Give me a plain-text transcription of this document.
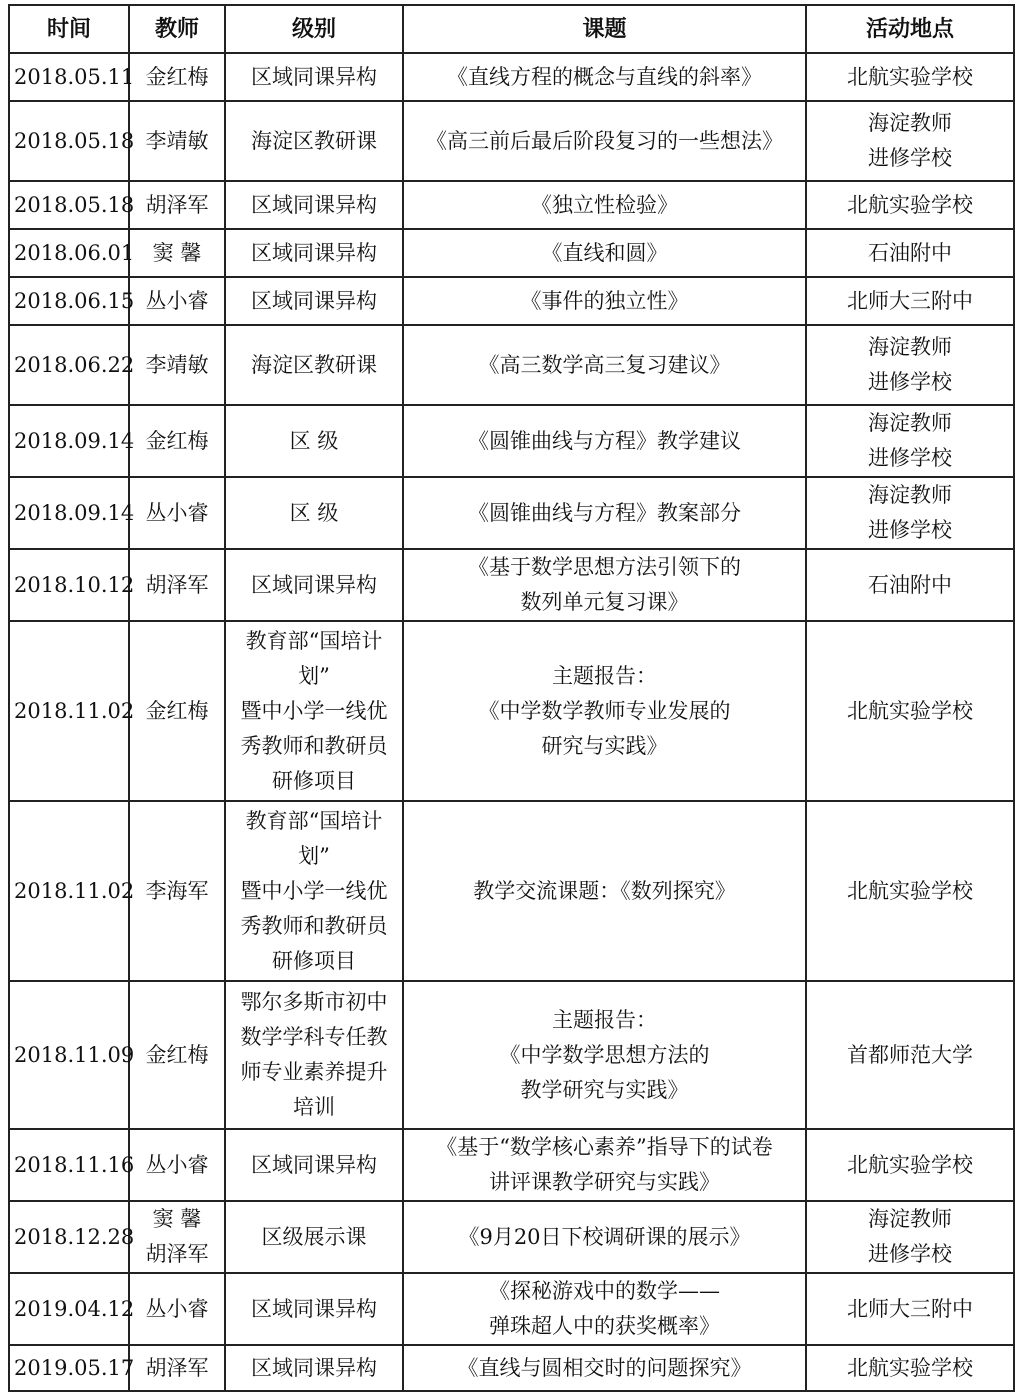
时间	教师	级别	课题	活动地点
2018.05.11	金红梅	区域同课异构	《直线方程的概念与直线的斜率》	北航实验学校
2018.05.18	李靖敏	海淀区教研课	《高三前后最后阶段复习的一些想法》	海淀教师
进修学校
2018.05.18	胡泽军	区域同课异构	《独立性检验》	北航实验学校
2018.06.01	窦 馨	区域同课异构	《直线和圆》	石油附中
2018.06.15	丛小睿	区域同课异构	《事件的独立性》	北师大三附中
2018.06.22	李靖敏	海淀区教研课	《高三数学高三复习建议》	海淀教师
进修学校
2018.09.14	金红梅	区 级	《圆锥曲线与方程》教学建议	海淀教师
进修学校
2018.09.14	丛小睿	区 级	《圆锥曲线与方程》教案部分	海淀教师
进修学校
2018.10.12	胡泽军	区域同课异构	《基于数学思想方法引领下的
数列单元复习课》	石油附中
2018.11.02	金红梅	教育部“国培计
划”
暨中小学一线优
秀教师和教研员
研修项目	主题报告：
《中学数学教师专业发展的
研究与实践》	北航实验学校
2018.11.02	李海军	教育部“国培计
划”
暨中小学一线优
秀教师和教研员
研修项目	教学交流课题：《数列探究》	北航实验学校
2018.11.09	金红梅	鄂尔多斯市初中
数学学科专任教
师专业素养提升
培训	主题报告：
《中学数学思想方法的
教学研究与实践》	首都师范大学
2018.11.16	丛小睿	区域同课异构	《基于“数学核心素养”指导下的试卷
讲评课教学研究与实践》	北航实验学校
2018.12.28	窦 馨
胡泽军	区级展示课	《9月20日下校调研课的展示》	海淀教师
进修学校
2019.04.12	丛小睿	区域同课异构	《探秘游戏中的数学——
弹珠超人中的获奖概率》	北师大三附中
2019.05.17	胡泽军	区域同课异构	《直线与圆相交时的问题探究》	北航实验学校
